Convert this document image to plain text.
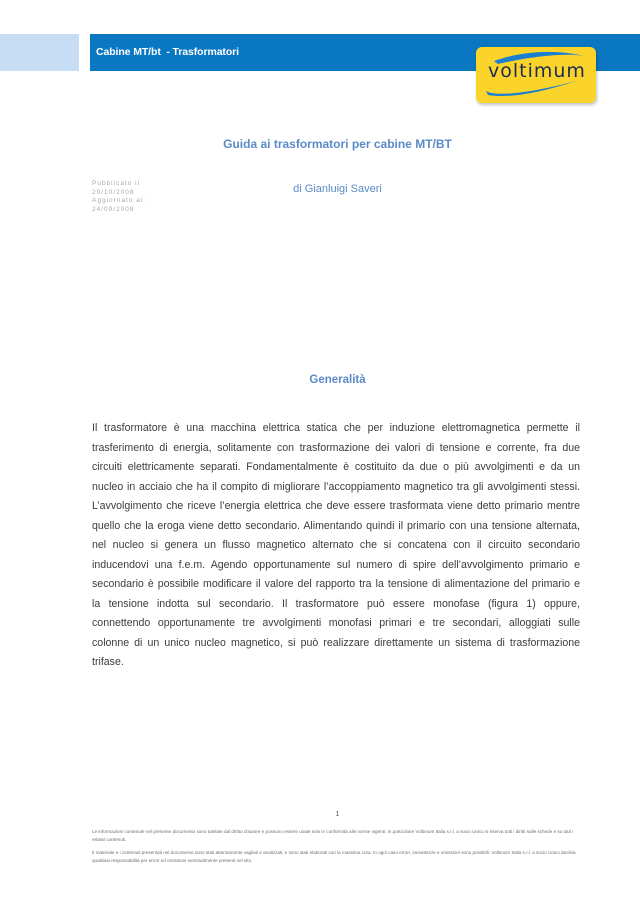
Cabine MT/bt  - Trasformatori
voltimum
Guida ai trasformatori per cabine MT/BT
Pubblicato il
20/10/2008
Aggiornato al:
24/09/2008
di Gianluigi Saveri
Generalità
Il trasformatore è una macchina elettrica statica che per induzione elettromagnetica permette il
trasferimento di energia, solitamente con trasformazione dei valori di tensione e corrente, fra due
circuiti elettricamente separati. Fondamentalmente è costituito da due o più avvolgimenti e da un
nucleo in acciaio che ha il compito di migliorare l’accoppiamento magnetico tra gli avvolgimenti stessi.
L’avvolgimento che riceve l’energia elettrica che deve essere trasformata viene detto primario mentre
quello che la eroga viene detto secondario. Alimentando quindi il primario con una tensione alternata,
nel nucleo si genera un flusso magnetico alternato che si concatena con il circuito secondario
inducendovi una f.e.m. Agendo opportunamente sul numero di spire dell’avvolgimento primario e
secondario è possibile modificare il valore del rapporto tra la tensione di alimentazione del primario e
la tensione indotta sul secondario. Il trasformatore può essere monofase (figura 1) oppure,
connettendo opportunamente tre avvolgimenti monofasi primari e tre secondari, alloggiati sulle
colonne di un unico nucleo magnetico, si può realizzare direttamente un sistema di trasformazione
trifase.
1

Le informazioni contenute nel presente documento sono tutelate dal diritto d'autore e possono essere usate solo in conformità alle norme vigenti. In particolare Voltimum Italia s.r.l. a socio Unico si riserva tutti i diritti sulle schede e su tutti i relativi contenuti.

Il materiale e i contenuti presentati nel documento sono stati attentamente vagliati e analizzati, e sono stati elaborati con la massima cura. In ogni caso errori, inesattezze e omissioni sono possibili. Voltimum Italia s.r.l. a socio Unico declina qualsiasi responsabilità per errori ed omissioni eventualmente presenti nel sito.
